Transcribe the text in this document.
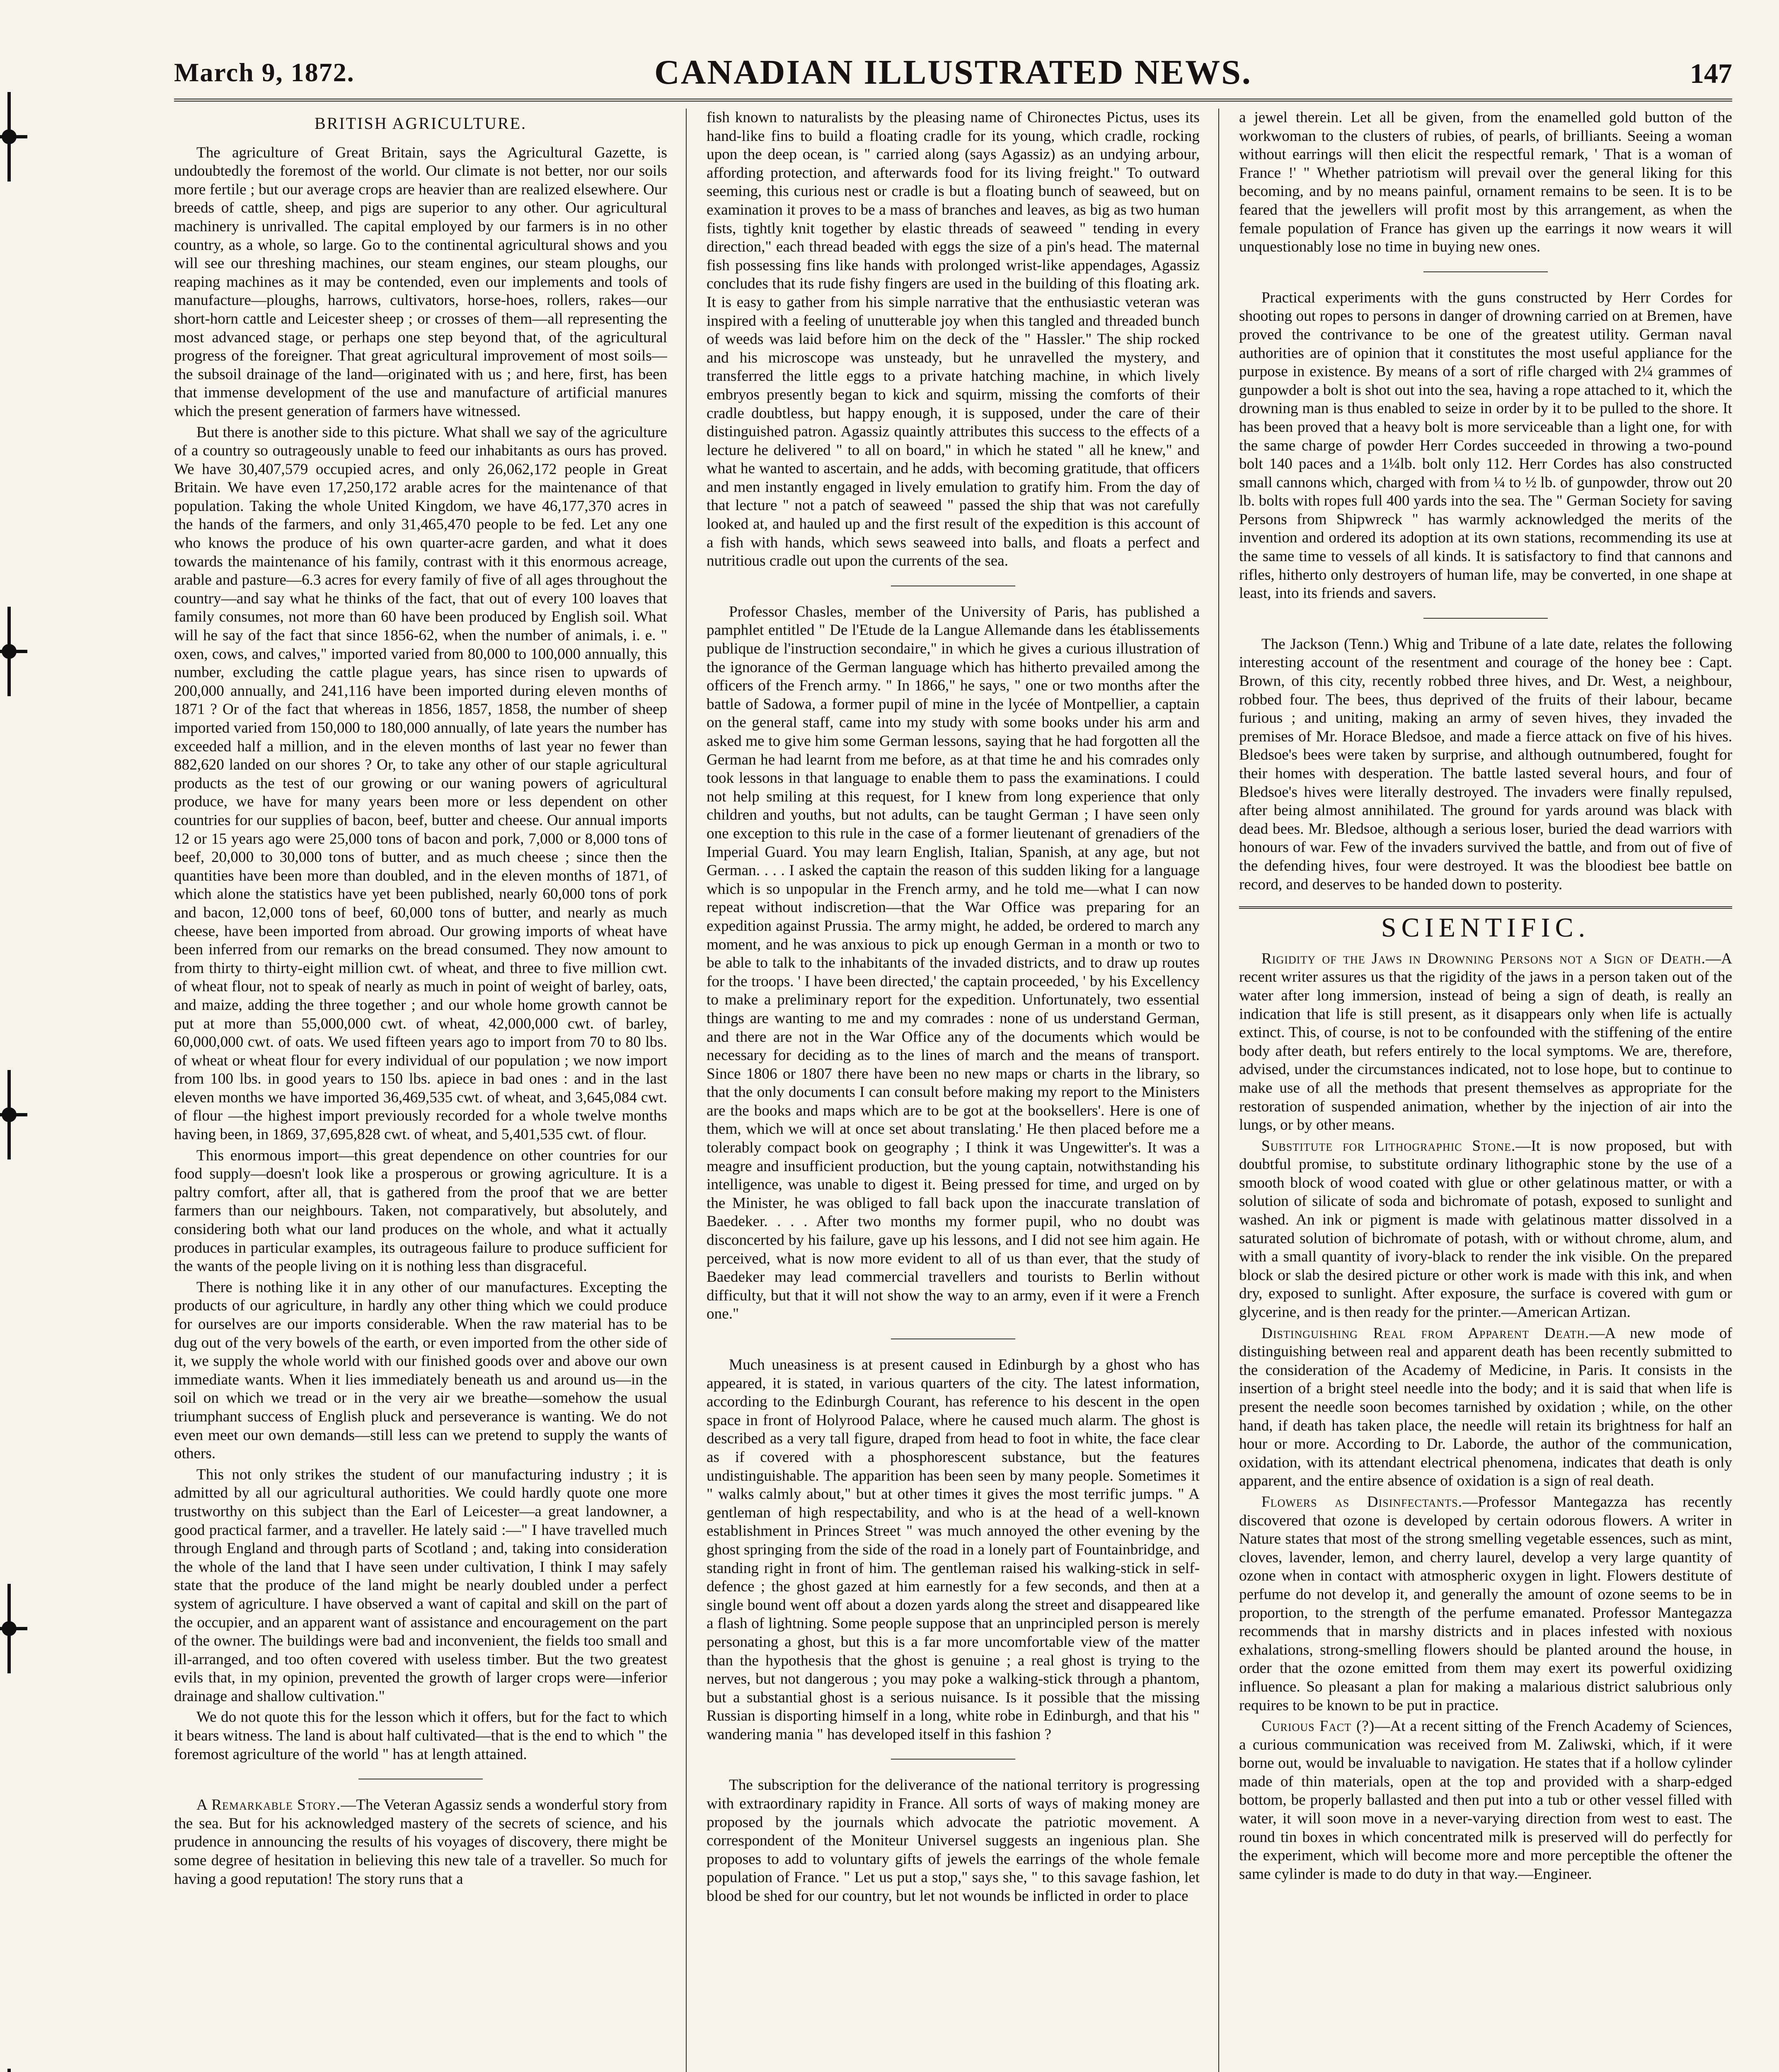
March 9, 1872.	CANADIAN ILLUSTRATED NEWS.	147
BRITISH AGRICULTURE.

The agriculture of Great Britain, says the Agricultural Gazette, is undoubtedly the foremost of the world. Our climate is not better, nor our soils more fertile ; but our average crops are heavier than are realized elsewhere. Our breeds of cattle, sheep, and pigs are superior to any other. Our agricultural machinery is unrivalled. The capital employed by our farmers is in no other country, as a whole, so large. Go to the continental agricultural shows and you will see our threshing machines, our steam engines, our steam ploughs, our reaping machines as it may be contended, even our implements and tools of manufacture—ploughs, harrows, cultivators, horse-hoes, rollers, rakes—our short-horn cattle and Leicester sheep ; or crosses of them—all representing the most advanced stage, or perhaps one step beyond that, of the agricultural progress of the foreigner. That great agricultural improvement of most soils—the subsoil drainage of the land—originated with us ; and here, first, has been that immense development of the use and manufacture of artificial manures which the present generation of farmers have witnessed.

But there is another side to this picture. What shall we say of the agriculture of a country so outrageously unable to feed our inhabitants as ours has proved. We have 30,407,579 occupied acres, and only 26,062,172 people in Great Britain. We have even 17,250,172 arable acres for the maintenance of that population. Taking the whole United Kingdom, we have 46,177,370 acres in the hands of the farmers, and only 31,465,470 people to be fed. Let any one who knows the produce of his own quarter-acre garden, and what it does towards the maintenance of his family, contrast with it this enormous acreage, arable and pasture—6.3 acres for every family of five of all ages throughout the country—and say what he thinks of the fact, that out of every 100 loaves that family consumes, not more than 60 have been produced by English soil. What will he say of the fact that since 1856-62, when the number of animals, i. e. " oxen, cows, and calves," imported varied from 80,000 to 100,000 annually, this number, excluding the cattle plague years, has since risen to upwards of 200,000 annually, and 241,116 have been imported during eleven months of 1871 ? Or of the fact that whereas in 1856, 1857, 1858, the number of sheep imported varied from 150,000 to 180,000 annually, of late years the number has exceeded half a million, and in the eleven months of last year no fewer than 882,620 landed on our shores ? Or, to take any other of our staple agricultural products as the test of our growing or our waning powers of agricultural produce, we have for many years been more or less dependent on other countries for our supplies of bacon, beef, butter and cheese. Our annual imports 12 or 15 years ago were 25,000 tons of bacon and pork, 7,000 or 8,000 tons of beef, 20,000 to 30,000 tons of butter, and as much cheese ; since then the quantities have been more than doubled, and in the eleven months of 1871, of which alone the statistics have yet been published, nearly 60,000 tons of pork and bacon, 12,000 tons of beef, 60,000 tons of butter, and nearly as much cheese, have been imported from abroad. Our growing imports of wheat have been inferred from our remarks on the bread consumed. They now amount to from thirty to thirty-eight million cwt. of wheat, and three to five million cwt. of wheat flour, not to speak of nearly as much in point of weight of barley, oats, and maize, adding the three together ; and our whole home growth cannot be put at more than 55,000,000 cwt. of wheat, 42,000,000 cwt. of barley, 60,000,000 cwt. of oats. We used fifteen years ago to import from 70 to 80 lbs. of wheat or wheat flour for every individual of our population ; we now import from 100 lbs. in good years to 150 lbs. apiece in bad ones : and in the last eleven months we have imported 36,469,535 cwt. of wheat, and 3,645,084 cwt. of flour —the highest import previously recorded for a whole twelve months having been, in 1869, 37,695,828 cwt. of wheat, and 5,401,535 cwt. of flour.

This enormous import—this great dependence on other countries for our food supply—doesn't look like a prosperous or growing agriculture. It is a paltry comfort, after all, that is gathered from the proof that we are better farmers than our neighbours. Taken, not comparatively, but absolutely, and considering both what our land produces on the whole, and what it actually produces in particular examples, its outrageous failure to produce sufficient for the wants of the people living on it is nothing less than disgraceful.

There is nothing like it in any other of our manufactures. Excepting the products of our agriculture, in hardly any other thing which we could produce for ourselves are our imports considerable. When the raw material has to be dug out of the very bowels of the earth, or even imported from the other side of it, we supply the whole world with our finished goods over and above our own immediate wants. When it lies immediately beneath us and around us—in the soil on which we tread or in the very air we breathe—somehow the usual triumphant success of English pluck and perseverance is wanting. We do not even meet our own demands—still less can we pretend to supply the wants of others.

This not only strikes the student of our manufacturing industry ; it is admitted by all our agricultural authorities. We could hardly quote one more trustworthy on this subject than the Earl of Leicester—a great landowner, a good practical farmer, and a traveller. He lately said :—" I have travelled much through England and through parts of Scotland ; and, taking into consideration the whole of the land that I have seen under cultivation, I think I may safely state that the produce of the land might be nearly doubled under a perfect system of agriculture. I have observed a want of capital and skill on the part of the occupier, and an apparent want of assistance and encouragement on the part of the owner. The buildings were bad and inconvenient, the fields too small and ill-arranged, and too often covered with useless timber. But the two greatest evils that, in my opinion, prevented the growth of larger crops were—inferior drainage and shallow cultivation."

We do not quote this for the lesson which it offers, but for the fact to which it bears witness. The land is about half cultivated—that is the end to which " the foremost agriculture of the world " has at length attained.

A Remarkable Story.—The Veteran Agassiz sends a wonderful story from the sea. But for his acknowledged mastery of the secrets of science, and his prudence in announcing the results of his voyages of discovery, there might be some degree of hesitation in believing this new tale of a traveller. So much for having a good reputation! The story runs that a

fish known to naturalists by the pleasing name of Chironectes Pictus, uses its hand-like fins to build a floating cradle for its young, which cradle, rocking upon the deep ocean, is " carried along (says Agassiz) as an undying arbour, affording protection, and afterwards food for its living freight." To outward seeming, this curious nest or cradle is but a floating bunch of seaweed, but on examination it proves to be a mass of branches and leaves, as big as two human fists, tightly knit together by elastic threads of seaweed " tending in every direction," each thread beaded with eggs the size of a pin's head. The maternal fish possessing fins like hands with prolonged wrist-like appendages, Agassiz concludes that its rude fishy fingers are used in the building of this floating ark. It is easy to gather from his simple narrative that the enthusiastic veteran was inspired with a feeling of unutterable joy when this tangled and threaded bunch of weeds was laid before him on the deck of the " Hassler." The ship rocked and his microscope was unsteady, but he unravelled the mystery, and transferred the little eggs to a private hatching machine, in which lively embryos presently began to kick and squirm, missing the comforts of their cradle doubtless, but happy enough, it is supposed, under the care of their distinguished patron. Agassiz quaintly attributes this success to the effects of a lecture he delivered " to all on board," in which he stated " all he knew," and what he wanted to ascertain, and he adds, with becoming gratitude, that officers and men instantly engaged in lively emulation to gratify him. From the day of that lecture " not a patch of seaweed " passed the ship that was not carefully looked at, and hauled up and the first result of the expedition is this account of a fish with hands, which sews seaweed into balls, and floats a perfect and nutritious cradle out upon the currents of the sea.

Professor Chasles, member of the University of Paris, has published a pamphlet entitled " De l'Etude de la Langue Allemande dans les établissements publique de l'instruction secondaire," in which he gives a curious illustration of the ignorance of the German language which has hitherto prevailed among the officers of the French army. " In 1866," he says, " one or two months after the battle of Sadowa, a former pupil of mine in the lycée of Montpellier, a captain on the general staff, came into my study with some books under his arm and asked me to give him some German lessons, saying that he had forgotten all the German he had learnt from me before, as at that time he and his comrades only took lessons in that language to enable them to pass the examinations. I could not help smiling at this request, for I knew from long experience that only children and youths, but not adults, can be taught German ; I have seen only one exception to this rule in the case of a former lieutenant of grenadiers of the Imperial Guard. You may learn English, Italian, Spanish, at any age, but not German. . . . I asked the captain the reason of this sudden liking for a language which is so unpopular in the French army, and he told me—what I can now repeat without indiscretion—that the War Office was preparing for an expedition against Prussia. The army might, he added, be ordered to march any moment, and he was anxious to pick up enough German in a month or two to be able to talk to the inhabitants of the invaded districts, and to draw up routes for the troops. ' I have been directed,' the captain proceeded, ' by his Excellency to make a preliminary report for the expedition. Unfortunately, two essential things are wanting to me and my comrades : none of us understand German, and there are not in the War Office any of the documents which would be necessary for deciding as to the lines of march and the means of transport. Since 1806 or 1807 there have been no new maps or charts in the library, so that the only documents I can consult before making my report to the Ministers are the books and maps which are to be got at the booksellers'. Here is one of them, which we will at once set about translating.' He then placed before me a tolerably compact book on geography ; I think it was Ungewitter's. It was a meagre and insufficient production, but the young captain, notwithstanding his intelligence, was unable to digest it. Being pressed for time, and urged on by the Minister, he was obliged to fall back upon the inaccurate translation of Baedeker. . . . After two months my former pupil, who no doubt was disconcerted by his failure, gave up his lessons, and I did not see him again. He perceived, what is now more evident to all of us than ever, that the study of Baedeker may lead commercial travellers and tourists to Berlin without difficulty, but that it will not show the way to an army, even if it were a French one."

Much uneasiness is at present caused in Edinburgh by a ghost who has appeared, it is stated, in various quarters of the city. The latest information, according to the Edinburgh Courant, has reference to his descent in the open space in front of Holyrood Palace, where he caused much alarm. The ghost is described as a very tall figure, draped from head to foot in white, the face clear as if covered with a phosphorescent substance, but the features undistinguishable. The apparition has been seen by many people. Sometimes it " walks calmly about," but at other times it gives the most terrific jumps. " A gentleman of high respectability, and who is at the head of a well-known establishment in Princes Street " was much annoyed the other evening by the ghost springing from the side of the road in a lonely part of Fountainbridge, and standing right in front of him. The gentleman raised his walking-stick in self-defence ; the ghost gazed at him earnestly for a few seconds, and then at a single bound went off about a dozen yards along the street and disappeared like a flash of lightning. Some people suppose that an unprincipled person is merely personating a ghost, but this is a far more uncomfortable view of the matter than the hypothesis that the ghost is genuine ; a real ghost is trying to the nerves, but not dangerous ; you may poke a walking-stick through a phantom, but a substantial ghost is a serious nuisance. Is it possible that the missing Russian is disporting himself in a long, white robe in Edinburgh, and that his " wandering mania " has developed itself in this fashion ?

The subscription for the deliverance of the national territory is progressing with extraordinary rapidity in France. All sorts of ways of making money are proposed by the journals which advocate the patriotic movement. A correspondent of the Moniteur Universel suggests an ingenious plan. She proposes to add to voluntary gifts of jewels the earrings of the whole female population of France. " Let us put a stop," says she, " to this savage fashion, let blood be shed for our country, but let not wounds be inflicted in order to place

a jewel therein. Let all be given, from the enamelled gold button of the workwoman to the clusters of rubies, of pearls, of brilliants. Seeing a woman without earrings will then elicit the respectful remark, ' That is a woman of France !' " Whether patriotism will prevail over the general liking for this becoming, and by no means painful, ornament remains to be seen. It is to be feared that the jewellers will profit most by this arrangement, as when the female population of France has given up the earrings it now wears it will unquestionably lose no time in buying new ones.

Practical experiments with the guns constructed by Herr Cordes for shooting out ropes to persons in danger of drowning carried on at Bremen, have proved the contrivance to be one of the greatest utility. German naval authorities are of opinion that it constitutes the most useful appliance for the purpose in existence. By means of a sort of rifle charged with 2¼ grammes of gunpowder a bolt is shot out into the sea, having a rope attached to it, which the drowning man is thus enabled to seize in order by it to be pulled to the shore. It has been proved that a heavy bolt is more serviceable than a light one, for with the same charge of powder Herr Cordes succeeded in throwing a two-pound bolt 140 paces and a 1¼lb. bolt only 112. Herr Cordes has also constructed small cannons which, charged with from ¼ to ½ lb. of gunpowder, throw out 20 lb. bolts with ropes full 400 yards into the sea. The " German Society for saving Persons from Shipwreck " has warmly acknowledged the merits of the invention and ordered its adoption at its own stations, recommending its use at the same time to vessels of all kinds. It is satisfactory to find that cannons and rifles, hitherto only destroyers of human life, may be converted, in one shape at least, into its friends and savers.

The Jackson (Tenn.) Whig and Tribune of a late date, relates the following interesting account of the resentment and courage of the honey bee : Capt. Brown, of this city, recently robbed three hives, and Dr. West, a neighbour, robbed four. The bees, thus deprived of the fruits of their labour, became furious ; and uniting, making an army of seven hives, they invaded the premises of Mr. Horace Bledsoe, and made a fierce attack on five of his hives. Bledsoe's bees were taken by surprise, and although outnumbered, fought for their homes with desperation. The battle lasted several hours, and four of Bledsoe's hives were literally destroyed. The invaders were finally repulsed, after being almost annihilated. The ground for yards around was black with dead bees. Mr. Bledsoe, although a serious loser, buried the dead warriors with honours of war. Few of the invaders survived the battle, and from out of five of the defending hives, four were destroyed. It was the bloodiest bee battle on record, and deserves to be handed down to posterity.

SCIENTIFIC.

Rigidity of the Jaws in Drowning Persons not a Sign of Death.—A recent writer assures us that the rigidity of the jaws in a person taken out of the water after long immersion, instead of being a sign of death, is really an indication that life is still present, as it disappears only when life is actually extinct. This, of course, is not to be confounded with the stiffening of the entire body after death, but refers entirely to the local symptoms. We are, therefore, advised, under the circumstances indicated, not to lose hope, but to continue to make use of all the methods that present themselves as appropriate for the restoration of suspended animation, whether by the injection of air into the lungs, or by other means.

Substitute for Lithographic Stone.—It is now proposed, but with doubtful promise, to substitute ordinary lithographic stone by the use of a smooth block of wood coated with glue or other gelatinous matter, or with a solution of silicate of soda and bichromate of potash, exposed to sunlight and washed. An ink or pigment is made with gelatinous matter dissolved in a saturated solution of bichromate of potash, with or without chrome, alum, and with a small quantity of ivory-black to render the ink visible. On the prepared block or slab the desired picture or other work is made with this ink, and when dry, exposed to sunlight. After exposure, the surface is covered with gum or glycerine, and is then ready for the printer.—American Artizan.

Distinguishing Real from Apparent Death.—A new mode of distinguishing between real and apparent death has been recently submitted to the consideration of the Academy of Medicine, in Paris. It consists in the insertion of a bright steel needle into the body; and it is said that when life is present the needle soon becomes tarnished by oxidation ; while, on the other hand, if death has taken place, the needle will retain its brightness for half an hour or more. According to Dr. Laborde, the author of the communication, oxidation, with its attendant electrical phenomena, indicates that death is only apparent, and the entire absence of oxidation is a sign of real death.

Flowers as Disinfectants.—Professor Mantegazza has recently discovered that ozone is developed by certain odorous flowers. A writer in Nature states that most of the strong smelling vegetable essences, such as mint, cloves, lavender, lemon, and cherry laurel, develop a very large quantity of ozone when in contact with atmospheric oxygen in light. Flowers destitute of perfume do not develop it, and generally the amount of ozone seems to be in proportion, to the strength of the perfume emanated. Professor Mantegazza recommends that in marshy districts and in places infested with noxious exhalations, strong-smelling flowers should be planted around the house, in order that the ozone emitted from them may exert its powerful oxidizing influence. So pleasant a plan for making a malarious district salubrious only requires to be known to be put in practice.

Curious Fact (?)—At a recent sitting of the French Academy of Sciences, a curious communication was received from M. Zaliwski, which, if it were borne out, would be invaluable to navigation. He states that if a hollow cylinder made of thin materials, open at the top and provided with a sharp-edged bottom, be properly ballasted and then put into a tub or other vessel filled with water, it will soon move in a never-varying direction from west to east. The round tin boxes in which concentrated milk is preserved will do perfectly for the experiment, which will become more and more perceptible the oftener the same cylinder is made to do duty in that way.—Engineer.
